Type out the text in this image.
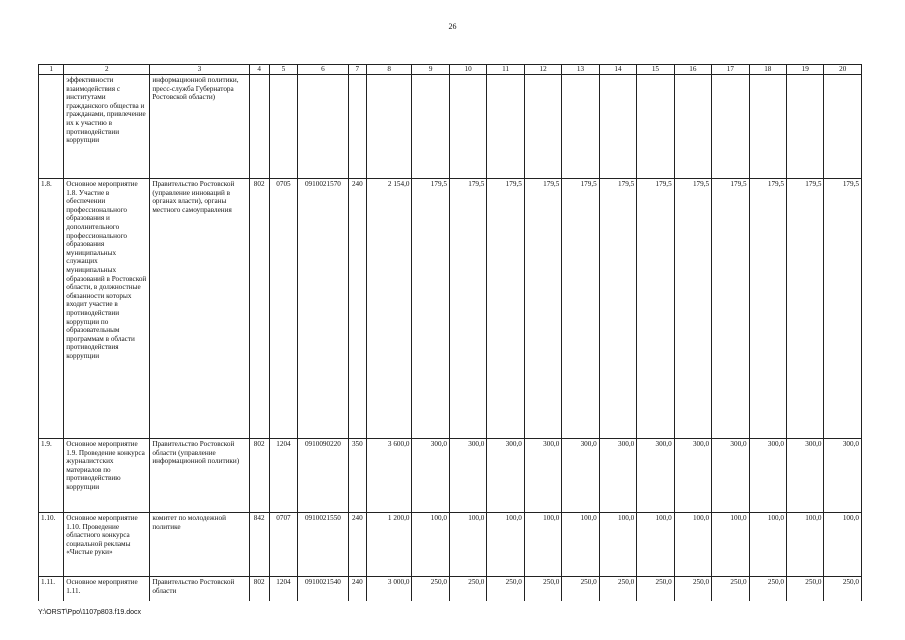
26
1	2	3	4	5	6	7	8	9	10	11	12	13	14	15	16	17	18	19	20
	эффективности взаимодействия с институтами гражданского общества и гражданами, привлечение их к участию в противодействии коррупции	информационной политики, пресс-служба Губернатора Ростовской области)																	
1.8.	Основное мероприятие 1.8. Участие в обеспечении профессионального образования и дополнительного профессионального образования муниципальных служащих муниципальных образований в Ростовской области, в должностные обязанности которых входит участие в противодействии коррупции по образовательным программам в области противодействия коррупции	Правительство Ростовской (управление инноваций в органах власти), органы местного самоуправления	802	0705	0910021570	240	2 154,0	179,5	179,5	179,5	179,5	179,5	179,5	179,5	179,5	179,5	179,5	179,5	179,5
1.9.	Основное мероприятие 1.9. Проведение конкурса журналистских материалов по противодействию коррупции	Правительство Ростовской области (управление информационной политики)	802	1204	0910090220	350	3 600,0	300,0	300,0	300,0	300,0	300,0	300,0	300,0	300,0	300,0	300,0	300,0	300,0
1.10.	Основное мероприятие 1.10. Проведение областного конкурса социальной рекламы «Чистые руки»	комитет по молодежной политике	842	0707	0910021550	240	1 200,0	100,0	100,0	100,0	100,0	100,0	100,0	100,0	100,0	100,0	100,0	100,0	100,0
1.11.	Основное мероприятие 1.11.	Правительство Ростовской области	802	1204	0910021540	240	3 000,0	250,0	250,0	250,0	250,0	250,0	250,0	250,0	250,0	250,0	250,0	250,0	250,0
Y:\ORST\Ppo\1107p803.f19.docx
